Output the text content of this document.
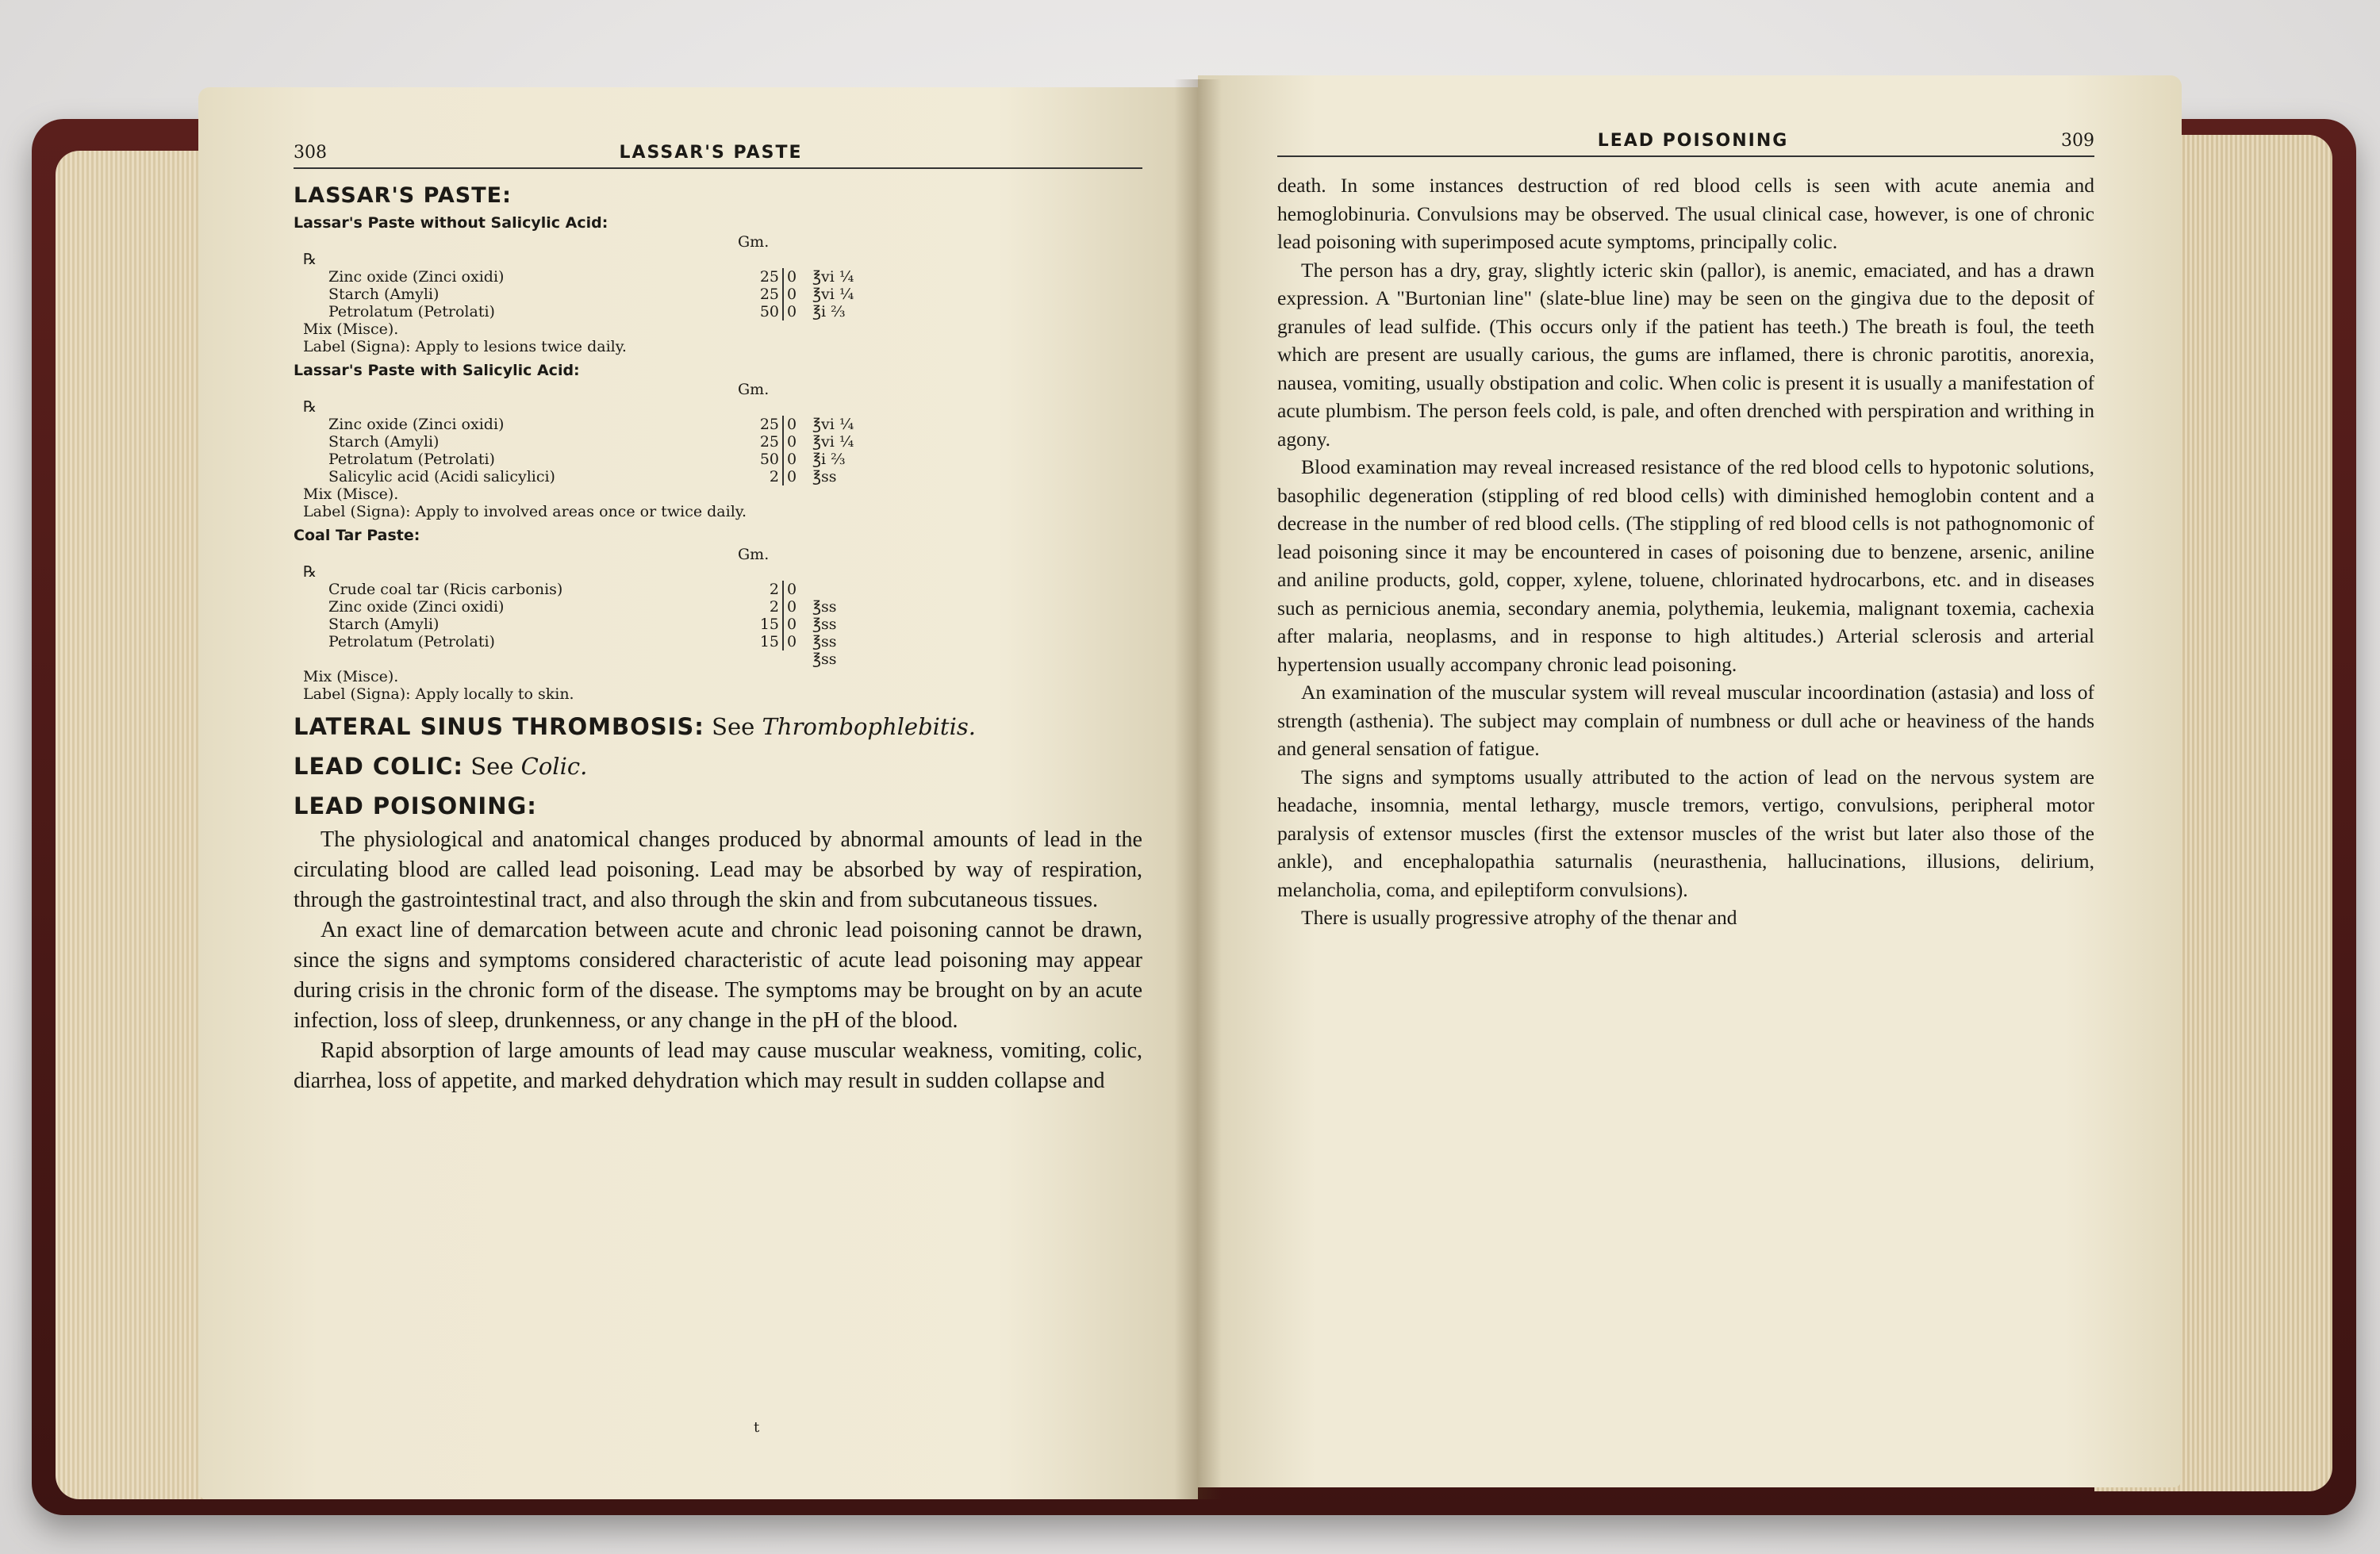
308	LASSAR'S PASTE
LASSAR'S PASTE:
Lassar's Paste without Salicylic Acid:
Gm.
℞
Zinc oxide (Zinci oxidi)	25	0	℥vi ¼
Starch (Amyli)	25	0	℥vi ¼
Petrolatum (Petrolati)	50	0	℥i ⅔
Mix (Misce).
Label (Signa): Apply to lesions twice daily.
Lassar's Paste with Salicylic Acid:
Gm.
℞
Zinc oxide (Zinci oxidi)	25	0	℥vi ¼
Starch (Amyli)	25	0	℥vi ¼
Petrolatum (Petrolati)	50	0	℥i ⅔
Salicylic acid (Acidi salicylici)	2	0	℥ss
Mix (Misce).
Label (Signa): Apply to involved areas once or twice daily.
Coal Tar Paste:
Gm.
℞
Crude coal tar (Ricis carbonis)	2	0	
Zinc oxide (Zinci oxidi)	2	0	℥ss
Starch (Amyli)	15	0	℥ss
Petrolatum (Petrolati)	15	0	℥ss
			℥ss
Mix (Misce).
Label (Signa): Apply locally to skin.
LATERAL SINUS THROMBOSIS: See Thrombophlebitis.
LEAD COLIC: See Colic.
LEAD POISONING:

The physiological and anatomical changes produced by abnormal amounts of lead in the circulating blood are called lead poisoning. Lead may be absorbed by way of respiration, through the gastrointestinal tract, and also through the skin and from subcutaneous tissues.

An exact line of demarcation between acute and chronic lead poisoning cannot be drawn, since the signs and symptoms considered characteristic of acute lead poisoning may appear during crisis in the chronic form of the disease. The symptoms may be brought on by an acute infection, loss of sleep, drunkenness, or any change in the pH of the blood.

Rapid absorption of large amounts of lead may cause muscular weakness, vomiting, colic, diarrhea, loss of appetite, and marked dehydration which may result in sudden collapse and

t
LEAD POISONING	309

death. In some instances destruction of red blood cells is seen with acute anemia and hemoglobinuria. Convulsions may be observed. The usual clinical case, however, is one of chronic lead poisoning with superimposed acute symptoms, principally colic.

The person has a dry, gray, slightly icteric skin (pallor), is anemic, emaciated, and has a drawn expression. A "Burtonian line" (slate-blue line) may be seen on the gingiva due to the deposit of granules of lead sulfide. (This occurs only if the patient has teeth.) The breath is foul, the teeth which are present are usually carious, the gums are inflamed, there is chronic parotitis, anorexia, nausea, vomiting, usually obstipation and colic. When colic is present it is usually a manifestation of acute plumbism. The person feels cold, is pale, and often drenched with perspiration and writhing in agony.

Blood examination may reveal increased resistance of the red blood cells to hypotonic solutions, basophilic degeneration (stippling of red blood cells) with diminished hemoglobin content and a decrease in the number of red blood cells. (The stippling of red blood cells is not pathognomonic of lead poisoning since it may be encountered in cases of poisoning due to benzene, arsenic, aniline and aniline products, gold, copper, xylene, toluene, chlorinated hydrocarbons, etc. and in diseases such as pernicious anemia, secondary anemia, polythemia, leukemia, malignant toxemia, cachexia after malaria, neoplasms, and in response to high altitudes.) Arterial sclerosis and arterial hypertension usually accompany chronic lead poisoning.

An examination of the muscular system will reveal muscular incoordination (astasia) and loss of strength (asthenia). The subject may complain of numbness or dull ache or heaviness of the hands and general sensation of fatigue.

The signs and symptoms usually attributed to the action of lead on the nervous system are headache, insomnia, mental lethargy, muscle tremors, vertigo, convulsions, peripheral motor paralysis of extensor muscles (first the extensor muscles of the wrist but later also those of the ankle), and encephalopathia saturnalis (neurasthenia, hallucinations, illusions, delirium, melancholia, coma, and epileptiform convulsions).

There is usually progressive atrophy of the thenar and
